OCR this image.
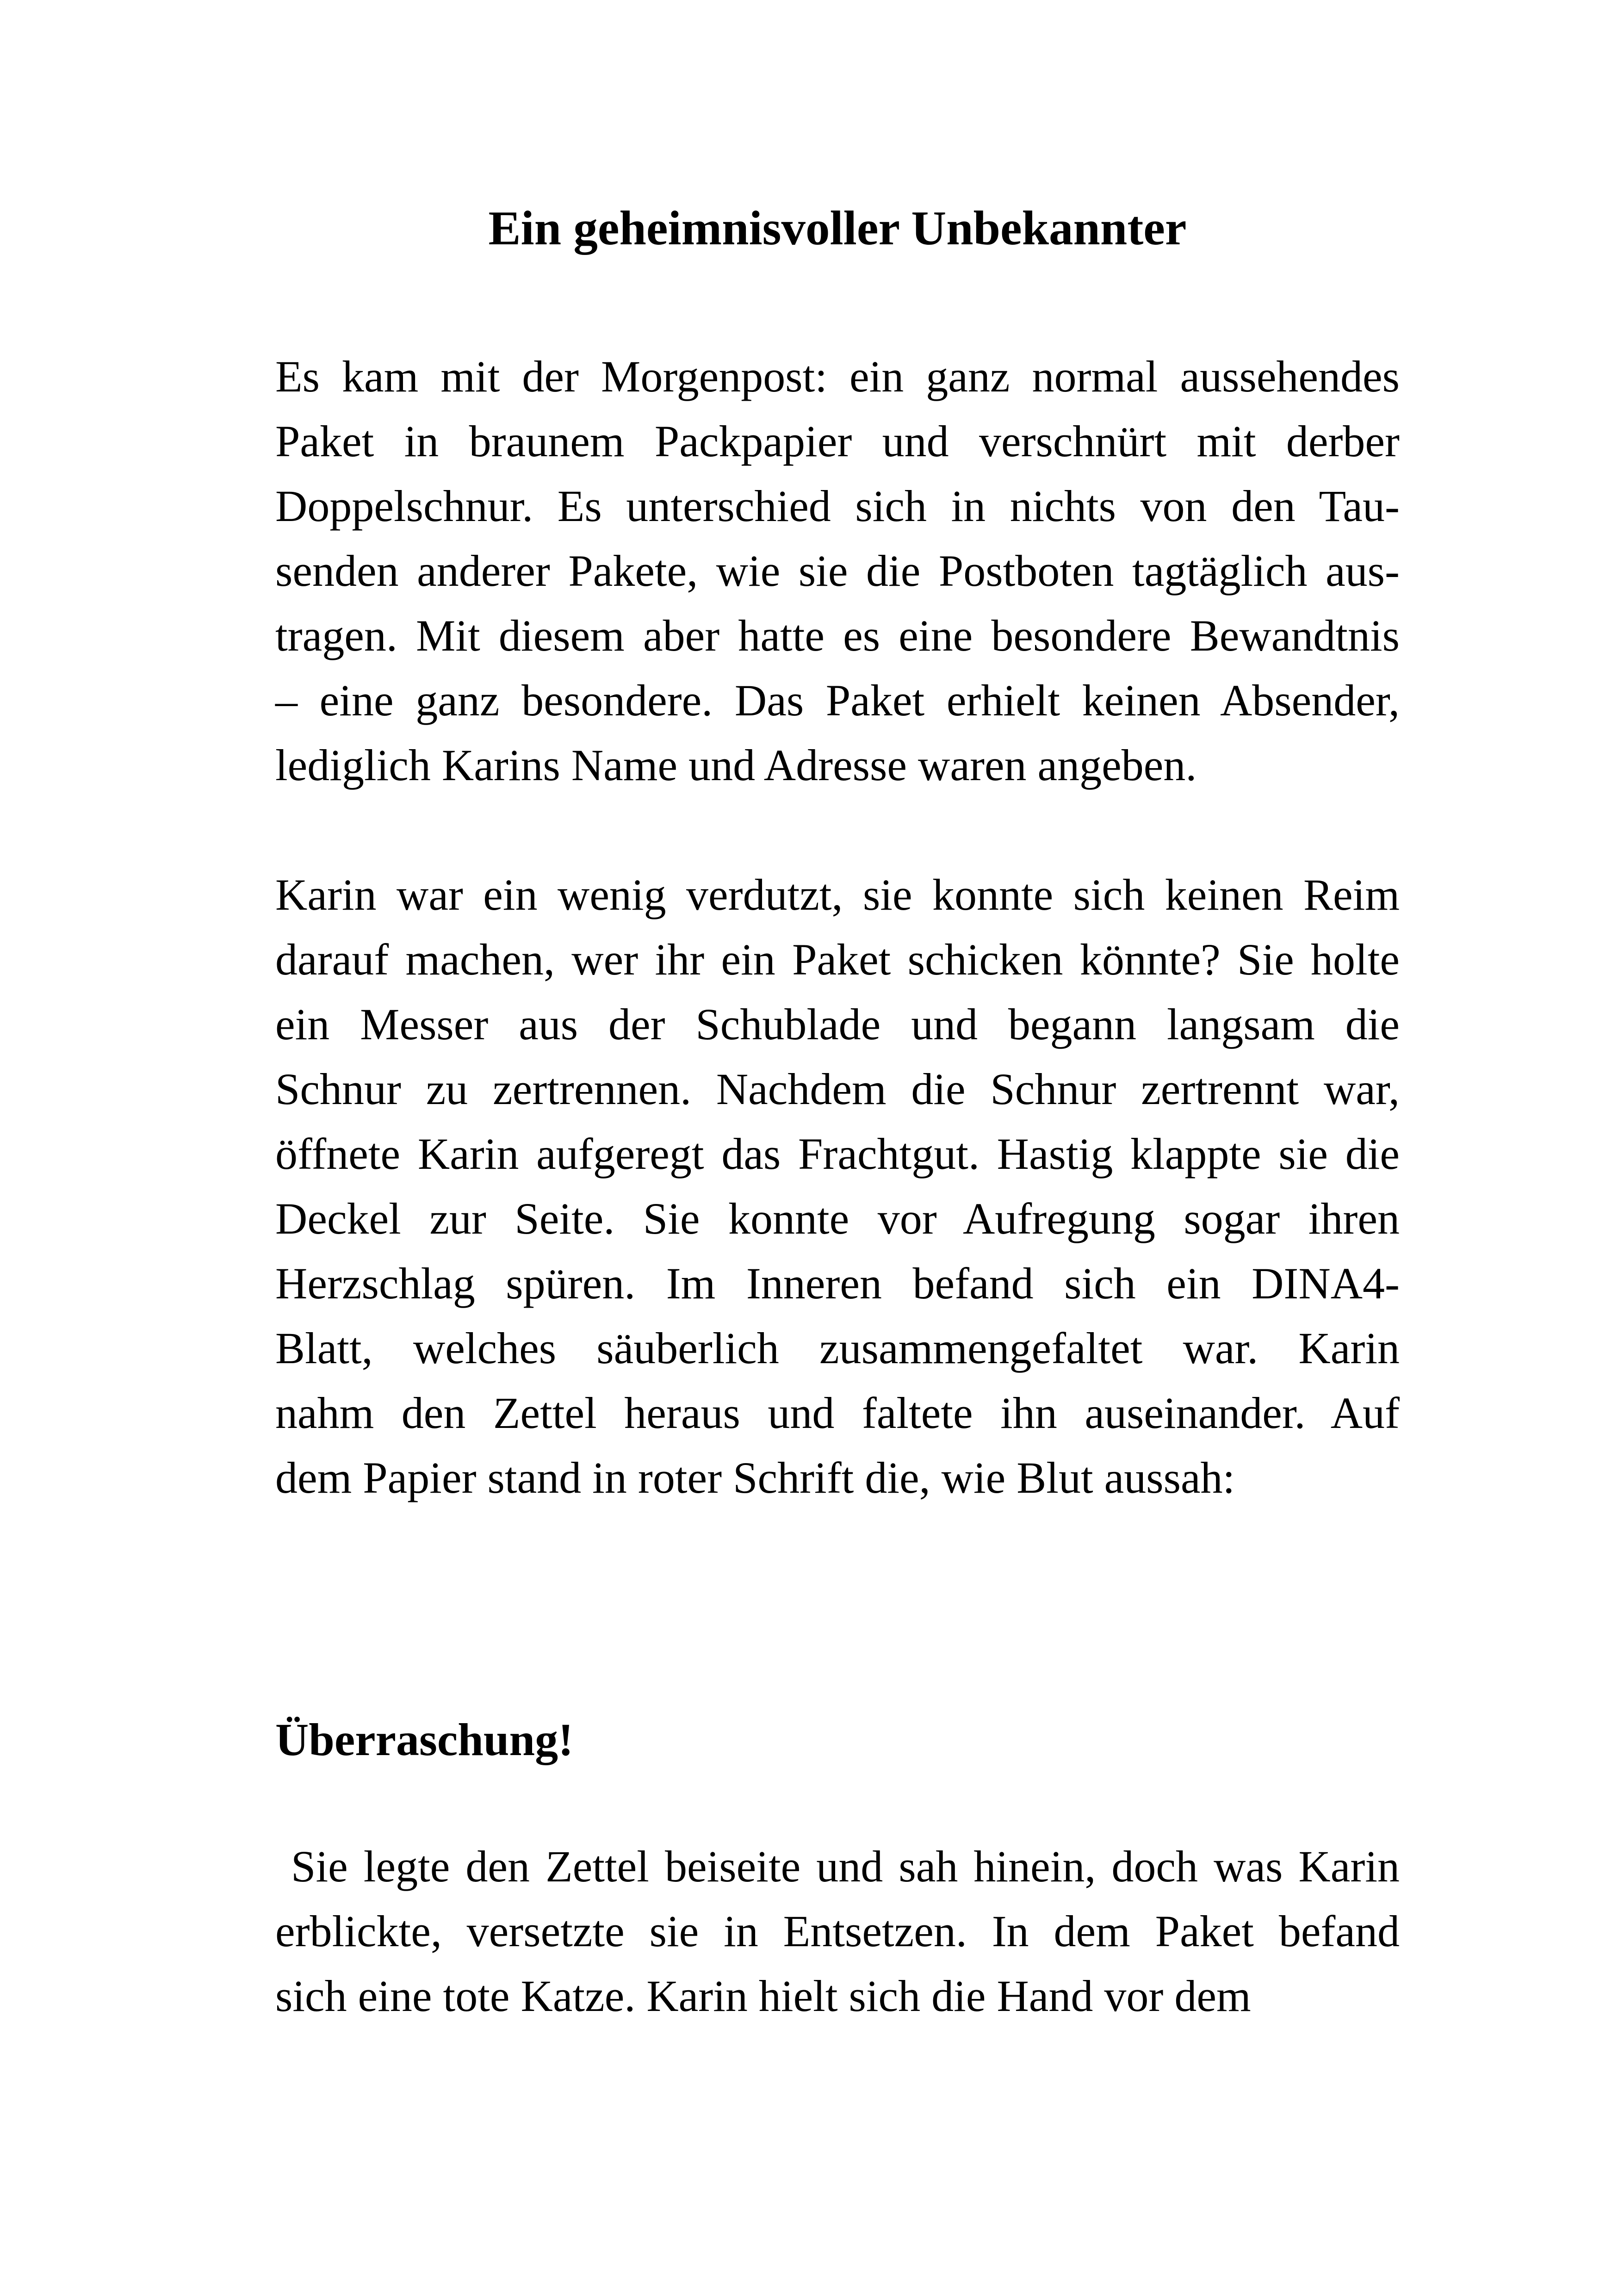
Ein geheimnisvoller Unbekannter
Es kam mit der Morgenpost: ein ganz normal aussehendes
Paket in braunem Packpapier und verschnürt mit derber
Doppelschnur. Es unterschied sich in nichts von den Tau-
senden anderer Pakete, wie sie die Postboten tagtäglich aus-
tragen. Mit diesem aber hatte es eine besondere Bewandtnis
– eine ganz besondere. Das Paket erhielt keinen Absender,
lediglich Karins Name und Adresse waren angeben.
Karin war ein wenig verdutzt, sie konnte sich keinen Reim
darauf machen, wer ihr ein Paket schicken könnte? Sie holte
ein Messer aus der Schublade und begann langsam die
Schnur zu zertrennen. Nachdem die Schnur zertrennt war,
öffnete Karin aufgeregt das Frachtgut. Hastig klappte sie die
Deckel zur Seite. Sie konnte vor Aufregung sogar ihren
Herzschlag spüren. Im Inneren befand sich ein DINA4-
Blatt, welches säuberlich zusammengefaltet war. Karin
nahm den Zettel heraus und faltete ihn auseinander. Auf
dem Papier stand in roter Schrift die, wie Blut aussah:
Überraschung!
Sie legte den Zettel beiseite und sah hinein, doch was Karin
erblickte, versetzte sie in Entsetzen. In dem Paket befand
sich eine tote Katze. Karin hielt sich die Hand vor dem
